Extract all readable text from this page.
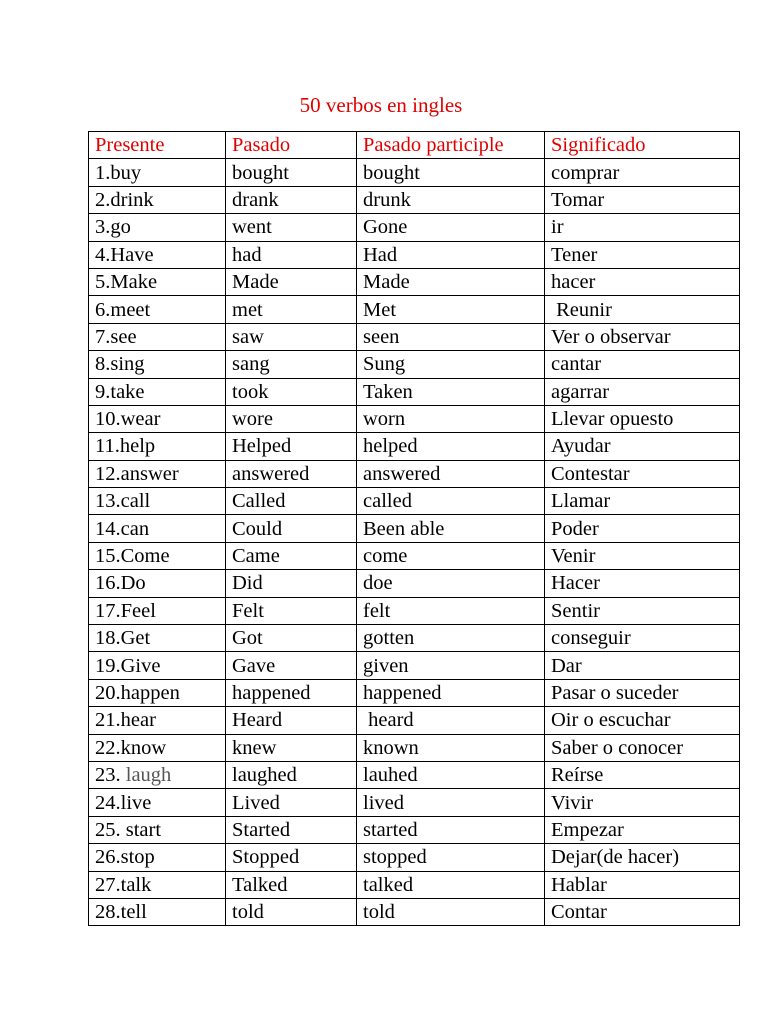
50 verbos en ingles
Presente	Pasado	Pasado participle	Significado
1.buy	bought	bought	comprar
2.drink	drank	drunk	Tomar
3.go	went	Gone	ir
4.Have	had	Had	Tener
5.Make	Made	Made	hacer
6.meet	met	Met	Reunir
7.see	saw	seen	Ver o observar
8.sing	sang	Sung	cantar
9.take	took	Taken	agarrar
10.wear	wore	worn	Llevar opuesto
11.help	Helped	helped	Ayudar
12.answer	answered	answered	Contestar
13.call	Called	called	Llamar
14.can	Could	Been able	Poder
15.Come	Came	come	Venir
16.Do	Did	doe	Hacer
17.Feel	Felt	felt	Sentir
18.Get	Got	gotten	conseguir
19.Give	Gave	given	Dar
20.happen	happened	happened	Pasar o suceder
21.hear	Heard	heard	Oir o escuchar
22.know	knew	known	Saber o conocer
23. laugh	laughed	lauhed	Reírse
24.live	Lived	lived	Vivir
25. start	Started	started	Empezar
26.stop	Stopped	stopped	Dejar(de hacer)
27.talk	Talked	talked	Hablar
28.tell	told	told	Contar
